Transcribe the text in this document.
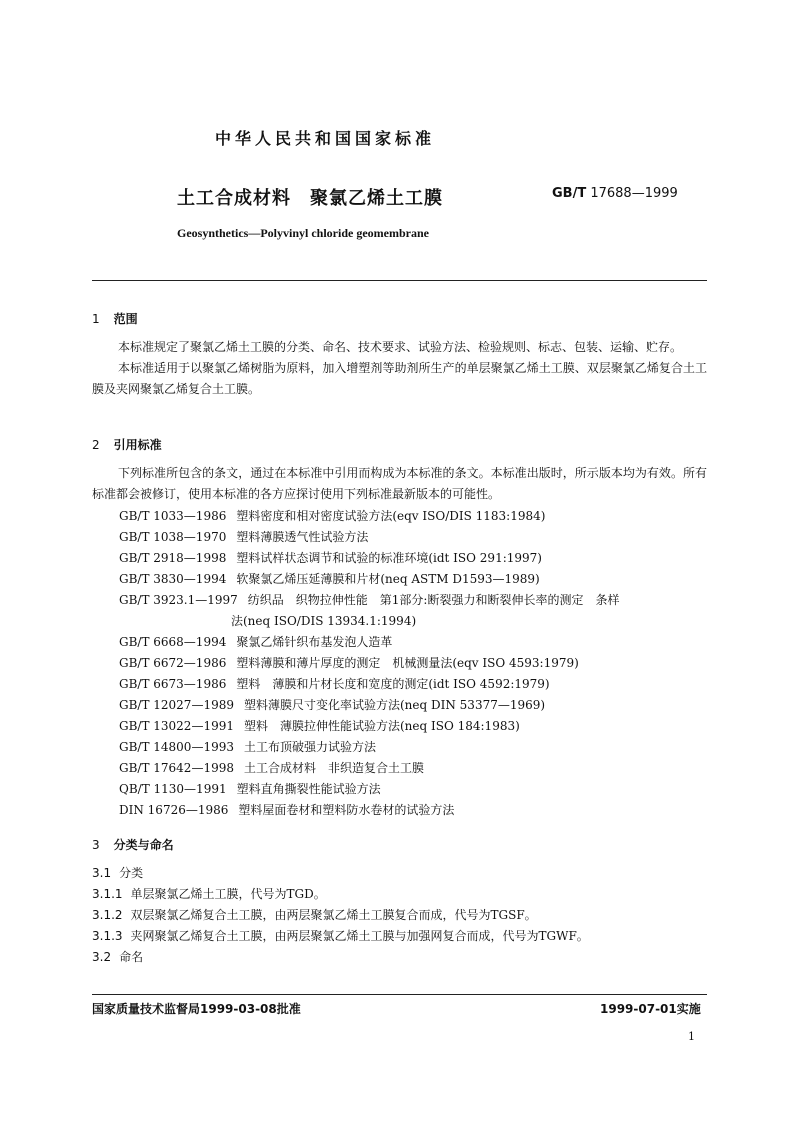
中华人民共和国国家标准
土工合成材料　聚氯乙烯土工膜	GB/T 17688—1999
Geosynthetics—Polyvinyl chloride geomembrane
1 范围

本标准规定了聚氯乙烯土工膜的分类、命名、技术要求、试验方法、检验规则、标志、包装、运输、贮存。

本标准适用于以聚氯乙烯树脂为原料，加入增塑剂等助剂所生产的单层聚氯乙烯土工膜、双层聚氯乙烯复合土工膜及夹网聚氯乙烯复合土工膜。

2 引用标准

下列标准所包含的条文，通过在本标准中引用而构成为本标准的条文。本标准出版时，所示版本均为有效。所有标准都会被修订，使用本标准的各方应探讨使用下列标准最新版本的可能性。

GB/T 1033—1986 塑料密度和相对密度试验方法(eqv ISO/DIS 1183:1984)
GB/T 1038—1970 塑料薄膜透气性试验方法
GB/T 2918—1998 塑料试样状态调节和试验的标准环境(idt ISO 291:1997)
GB/T 3830—1994 软聚氯乙烯压延薄膜和片材(neq ASTM D1593—1989)
GB/T 3923.1—1997 纺织品　织物拉伸性能　第1部分:断裂强力和断裂伸长率的测定　条样
法(neq ISO/DIS 13934.1:1994)
GB/T 6668—1994 聚氯乙烯针织布基发泡人造革
GB/T 6672—1986 塑料薄膜和薄片厚度的测定　机械测量法(eqv ISO 4593:1979)
GB/T 6673—1986 塑料　薄膜和片材长度和宽度的测定(idt ISO 4592:1979)
GB/T 12027—1989 塑料薄膜尺寸变化率试验方法(neq DIN 53377—1969)
GB/T 13022—1991 塑料　薄膜拉伸性能试验方法(neq ISO 184:1983)
GB/T 14800—1993 土工布顶破强力试验方法
GB/T 17642—1998 土工合成材料　非织造复合土工膜
QB/T 1130—1991 塑料直角撕裂性能试验方法
DIN 16726—1986 塑料屋面卷材和塑料防水卷材的试验方法
3 分类与命名
3.1 分类
3.1.1 单层聚氯乙烯土工膜，代号为TGD。
3.1.2 双层聚氯乙烯复合土工膜，由两层聚氯乙烯土工膜复合而成，代号为TGSF。
3.1.3 夹网聚氯乙烯复合土工膜，由两层聚氯乙烯土工膜与加强网复合而成，代号为TGWF。
3.2 命名
国家质量技术监督局1999-03-08批准	1999-07-01实施
1
